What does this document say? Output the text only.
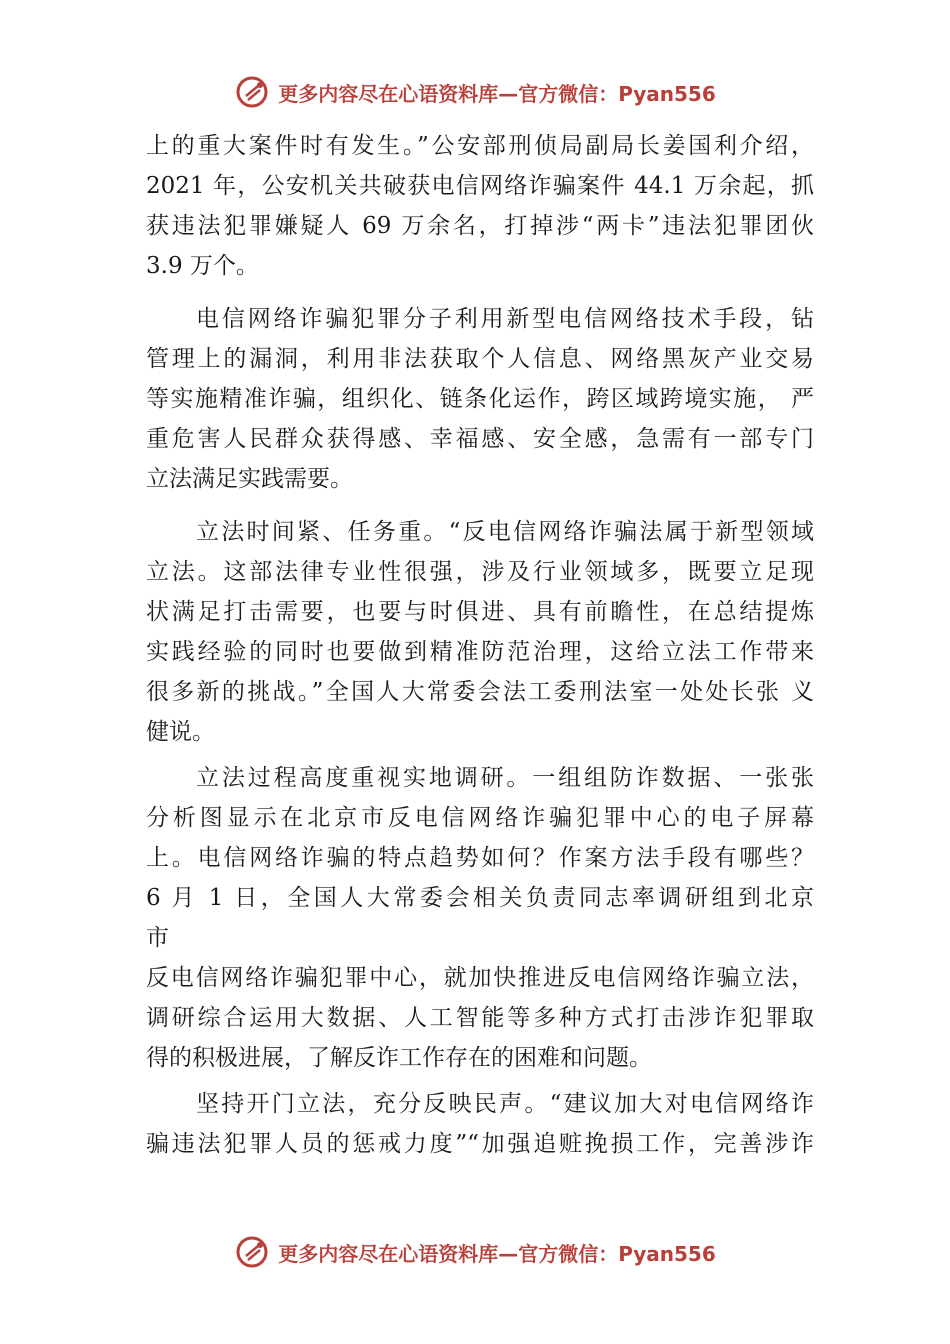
更多内容尽在心语资料库—官方微信：Pyan556
上的重大案件时有发生。”公安部刑侦局副局长姜国利介绍，
2021 年，公安机关共破获电信网络诈骗案件 44.1 万余起，抓
获违法犯罪嫌疑人 69 万余名，打掉涉“两卡”违法犯罪团伙
3.9 万个。
电信网络诈骗犯罪分子利用新型电信网络技术手段，钻
管理上的漏洞，利用非法获取个人信息、网络黑灰产业交易
等实施精准诈骗，组织化、链条化运作，跨区域跨境实施， 严
重危害人民群众获得感、幸福感、安全感，急需有一部专门
立法满足实践需要。
立法时间紧、任务重。“反电信网络诈骗法属于新型领域
立法。这部法律专业性很强，涉及行业领域多，既要立足现
状满足打击需要，也要与时俱进、具有前瞻性，在总结提炼
实践经验的同时也要做到精准防范治理，这给立法工作带来
很多新的挑战。”全国人大常委会法工委刑法室一处处长张 义
健说。
立法过程高度重视实地调研。一组组防诈数据、一张张
分析图显示在北京市反电信网络诈骗犯罪中心的电子屏幕
上。电信网络诈骗的特点趋势如何？作案方法手段有哪些？
6 月 1 日，全国人大常委会相关负责同志率调研组到北京
市
反电信网络诈骗犯罪中心，就加快推进反电信网络诈骗立法，
调研综合运用大数据、人工智能等多种方式打击涉诈犯罪取
得的积极进展，了解反诈工作存在的困难和问题。
坚持开门立法，充分反映民声。“建议加大对电信网络诈
骗违法犯罪人员的惩戒力度”“加强追赃挽损工作，完善涉诈
更多内容尽在心语资料库—官方微信：Pyan556
